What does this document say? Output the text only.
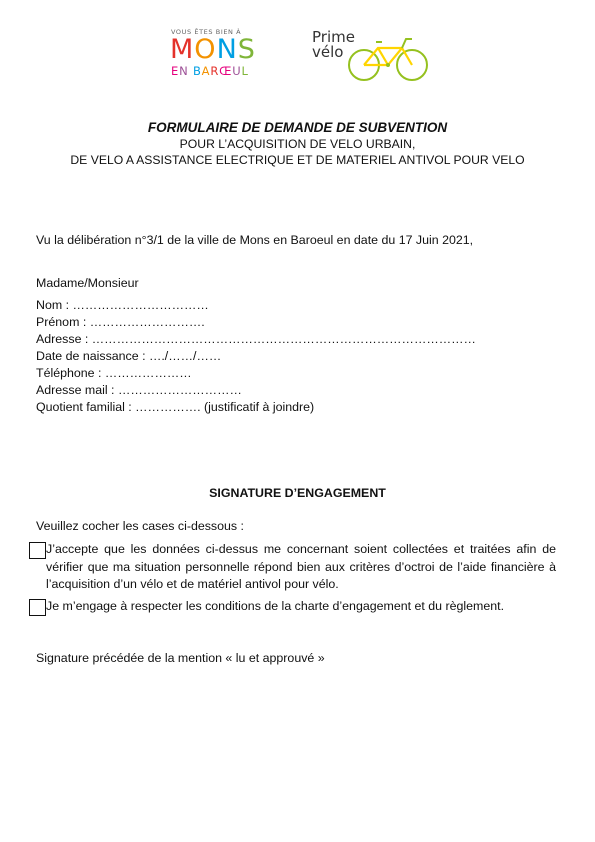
VOUS ÊTES BIEN À
MONS
EN BARŒUL
Prime
vélo
FORMULAIRE DE DEMANDE DE SUBVENTION
POUR L’ACQUISITION DE VELO URBAIN,
DE VELO A ASSISTANCE ELECTRIQUE ET DE MATERIEL ANTIVOL POUR VELO
Vu la délibération n°3/1 de la ville de Mons en Baroeul en date du 17 Juin 2021,
Madame/Monsieur
Nom : ……………………………
Prénom : ……………………….
Adresse : …………………………………………………………………………………
Date de naissance : …./……/……
Téléphone : …………………
Adresse mail : …………………………
Quotient familial : ……………. (justificatif à joindre)
SIGNATURE D’ENGAGEMENT
Veuillez cocher les cases ci-dessous :
J’accepte que les données ci-dessus me concernant soient collectées et traitées afin de vérifier que ma situation personnelle répond bien aux critères d’octroi de l’aide financière à l’acquisition d’un vélo et de matériel antivol pour vélo.
Je m’engage à respecter les conditions de la charte d’engagement et du règlement.
Signature précédée de la mention « lu et approuvé »
